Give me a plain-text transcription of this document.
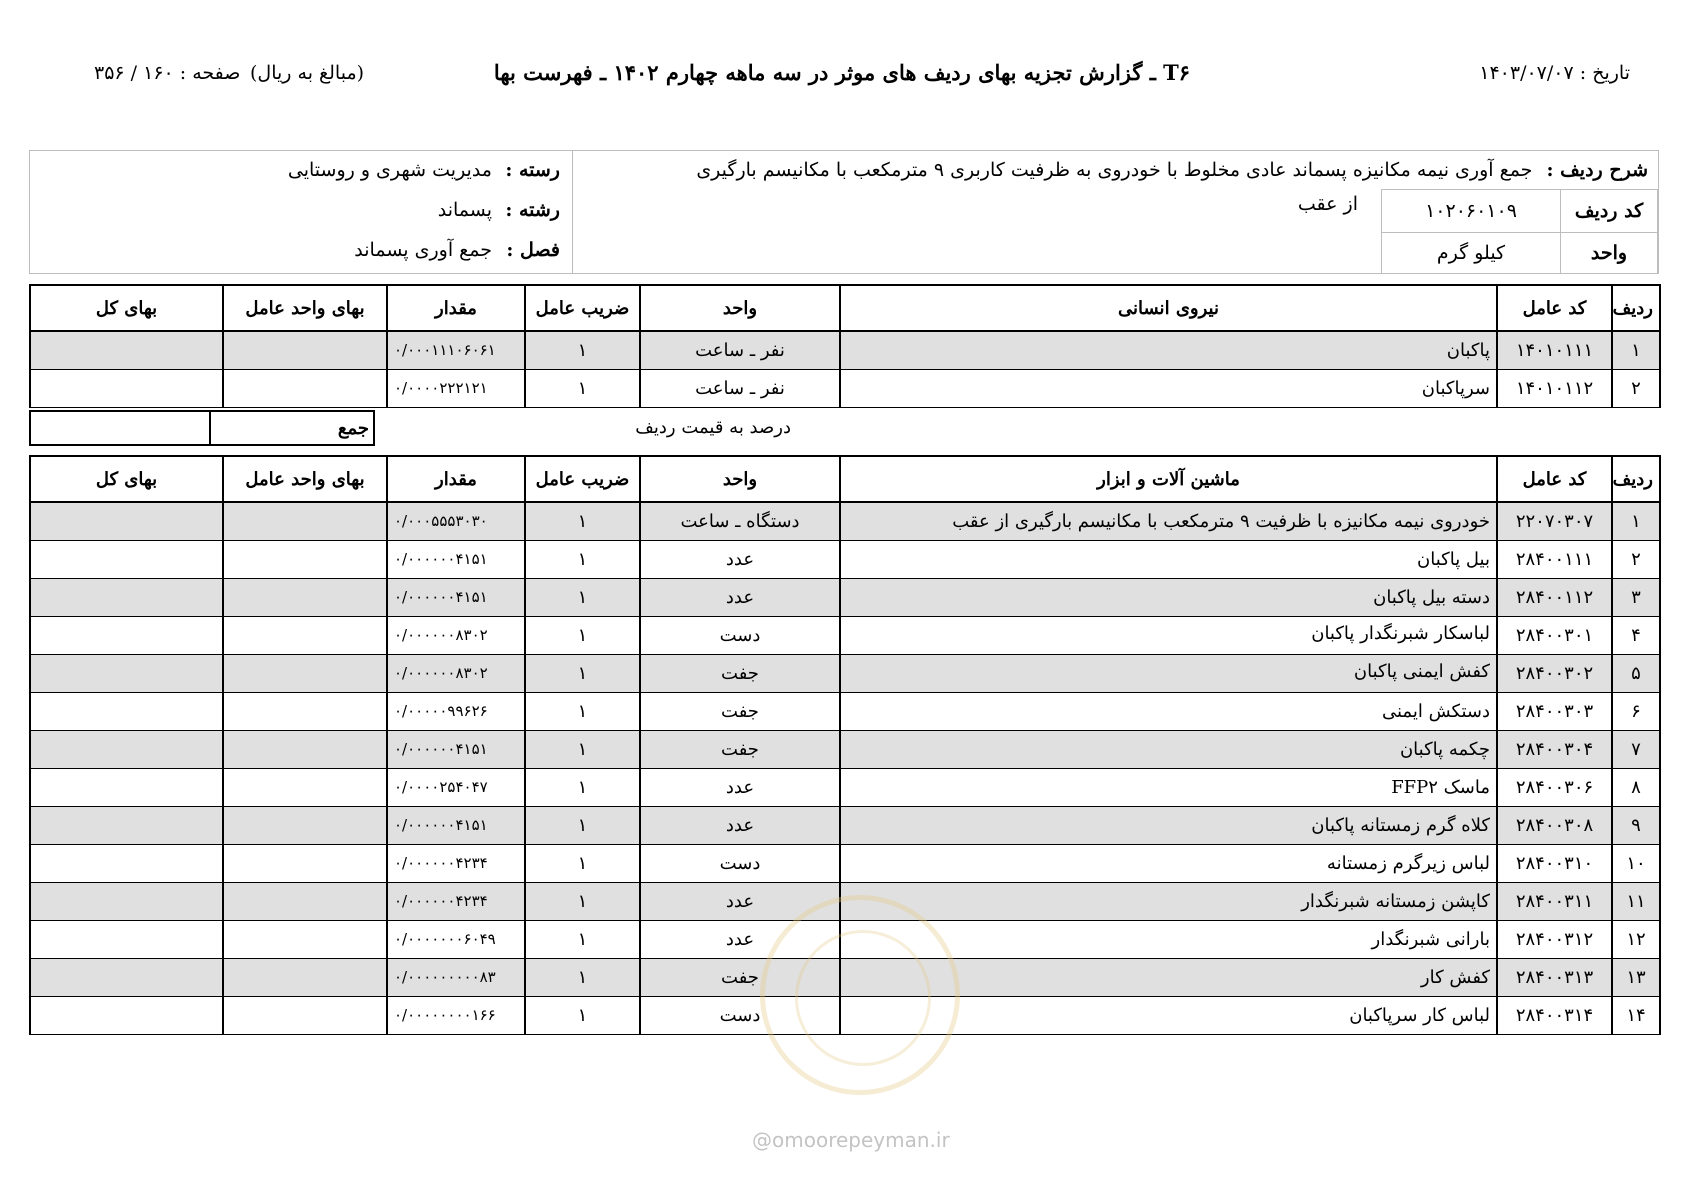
تاریخ : ۱۴۰۳/۰۷/۰۷
T۶ ـ گزارش تجزیه بهای ردیف های موثر در سه ماهه چهارم ۱۴۰۲ ـ فهرست بها
(مبالغ به ریال)
صفحه : ۱۶۰ / ۳۵۶
شرح ردیف : جمع آوری نیمه مکانیزه پسماند عادی مخلوط با خودروی به ظرفیت کاربری ۹ مترمکعب با مکانیسم بارگیری
از عقب	کد ردیف
۱۰۲۰۶۰۱۰۹
واحد
کیلو گرم
رسته :
مدیریت شهری و روستایی
رشته :
پسماند
فصل :
جمع آوری پسماند
ردیف	کد عامل	نیروی انسانی	واحد	ضریب عامل	مقدار	بهای واحد عامل	بهای کل
۱	۱۴۰۱۰۱۱۱	پاکبان	نفر ـ ساعت	۱	۰/۰۰۰۱۱۱۰۶۰۶۱		
۲	۱۴۰۱۰۱۱۲	سرپاکبان	نفر ـ ساعت	۱	۰/۰۰۰۰۲۲۲۱۲۱		
جمع	درصد به قیمت ردیف
ردیف	کد عامل	ماشین آلات و ابزار	واحد	ضریب عامل	مقدار	بهای واحد عامل	بهای کل
۱	۲۲۰۷۰۳۰۷	خودروی نیمه مکانیزه با ظرفیت ۹ مترمکعب با مکانیسم بارگیری از عقب	دستگاه ـ ساعت	۱	۰/۰۰۰۵۵۵۳۰۳۰		
۲	۲۸۴۰۰۱۱۱	بیل پاکبان	عدد	۱	۰/۰۰۰۰۰۰۴۱۵۱		
۳	۲۸۴۰۰۱۱۲	دسته بیل پاکبان	عدد	۱	۰/۰۰۰۰۰۰۴۱۵۱		
۴	۲۸۴۰۰۳۰۱	لباسکار شبرنگدار پاکبان	دست	۱	۰/۰۰۰۰۰۰۸۳۰۲		
۵	۲۸۴۰۰۳۰۲	کفش ایمنی پاکبان	جفت	۱	۰/۰۰۰۰۰۰۸۳۰۲		
۶	۲۸۴۰۰۳۰۳	دستکش ایمنی	جفت	۱	۰/۰۰۰۰۰۹۹۶۲۶		
۷	۲۸۴۰۰۳۰۴	چکمه پاکبان	جفت	۱	۰/۰۰۰۰۰۰۴۱۵۱		
۸	۲۸۴۰۰۳۰۶	ماسک FFP۲	عدد	۱	۰/۰۰۰۰۲۵۴۰۴۷		
۹	۲۸۴۰۰۳۰۸	کلاه گرم زمستانه پاکبان	عدد	۱	۰/۰۰۰۰۰۰۴۱۵۱		
۱۰	۲۸۴۰۰۳۱۰	لباس زیرگرم زمستانه	دست	۱	۰/۰۰۰۰۰۰۴۲۳۴		
۱۱	۲۸۴۰۰۳۱۱	کاپشن زمستانه شبرنگدار	عدد	۱	۰/۰۰۰۰۰۰۴۲۳۴		
۱۲	۲۸۴۰۰۳۱۲	بارانی شبرنگدار	عدد	۱	۰/۰۰۰۰۰۰۰۶۰۴۹		
۱۳	۲۸۴۰۰۳۱۳	کفش کار	جفت	۱	۰/۰۰۰۰۰۰۰۰۰۸۳		
۱۴	۲۸۴۰۰۳۱۴	لباس کار سرپاکبان	دست	۱	۰/۰۰۰۰۰۰۰۰۱۶۶		
@omoorepeyman.ir
